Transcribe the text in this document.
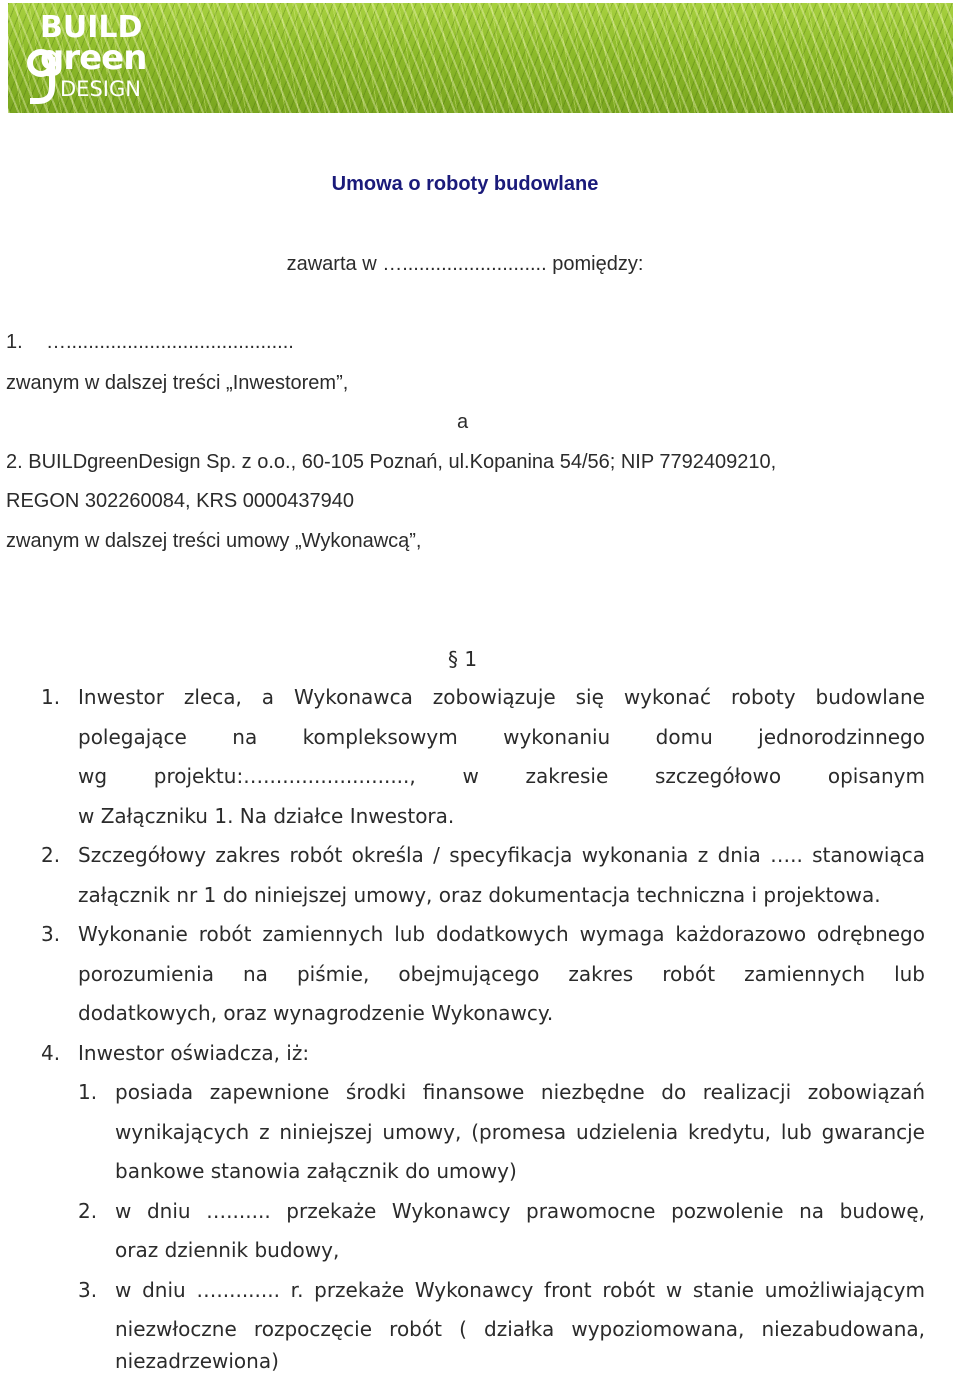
BUILD
green
DESIGN
Umowa o roboty budowlane
zawarta w ….......................... pomiędzy:
1. ….........................................
zwanym w dalszej treści „Inwestorem”,
a
2. BUILDgreenDesign Sp. z o.o., 60-105 Poznań, ul.Kopanina 54/56; NIP 7792409210,
REGON 302260084, KRS 0000437940
zwanym w dalszej treści umowy „Wykonawcą”,
§ 1
1. Inwestor zleca, a Wykonawca zobowiązuje się wykonać roboty budowlane
polegające na kompleksowym wykonaniu domu jednorodzinnego
wg projektu:…......................., w zakresie szczegółowo opisanym
w Załączniku 1. Na działce Inwestora.
2. Szczegółowy zakres robót określa / specyfikacja wykonania z dnia ….. stanowiąca
załącznik nr 1 do niniejszej umowy, oraz dokumentacja techniczna i projektowa.
3. Wykonanie robót zamiennych lub dodatkowych wymaga każdorazowo odrębnego
porozumienia na piśmie, obejmującego zakres robót zamiennych lub
dodatkowych, oraz wynagrodzenie Wykonawcy.
4. Inwestor oświadcza, iż:
1. posiada zapewnione środki finansowe niezbędne do realizacji zobowiązań
wynikających z niniejszej umowy, (promesa udzielenia kredytu, lub gwarancje
bankowe stanowia załącznik do umowy)
2. w dniu …....... przekaże Wykonawcy prawomocne pozwolenie na budowę,
oraz dziennik budowy,
3. w dniu ….......... r. przekaże Wykonawcy front robót w stanie umożliwiającym
niezwłoczne rozpoczęcie robót ( działka wypoziomowana, niezabudowana,
niezadrzewiona)
